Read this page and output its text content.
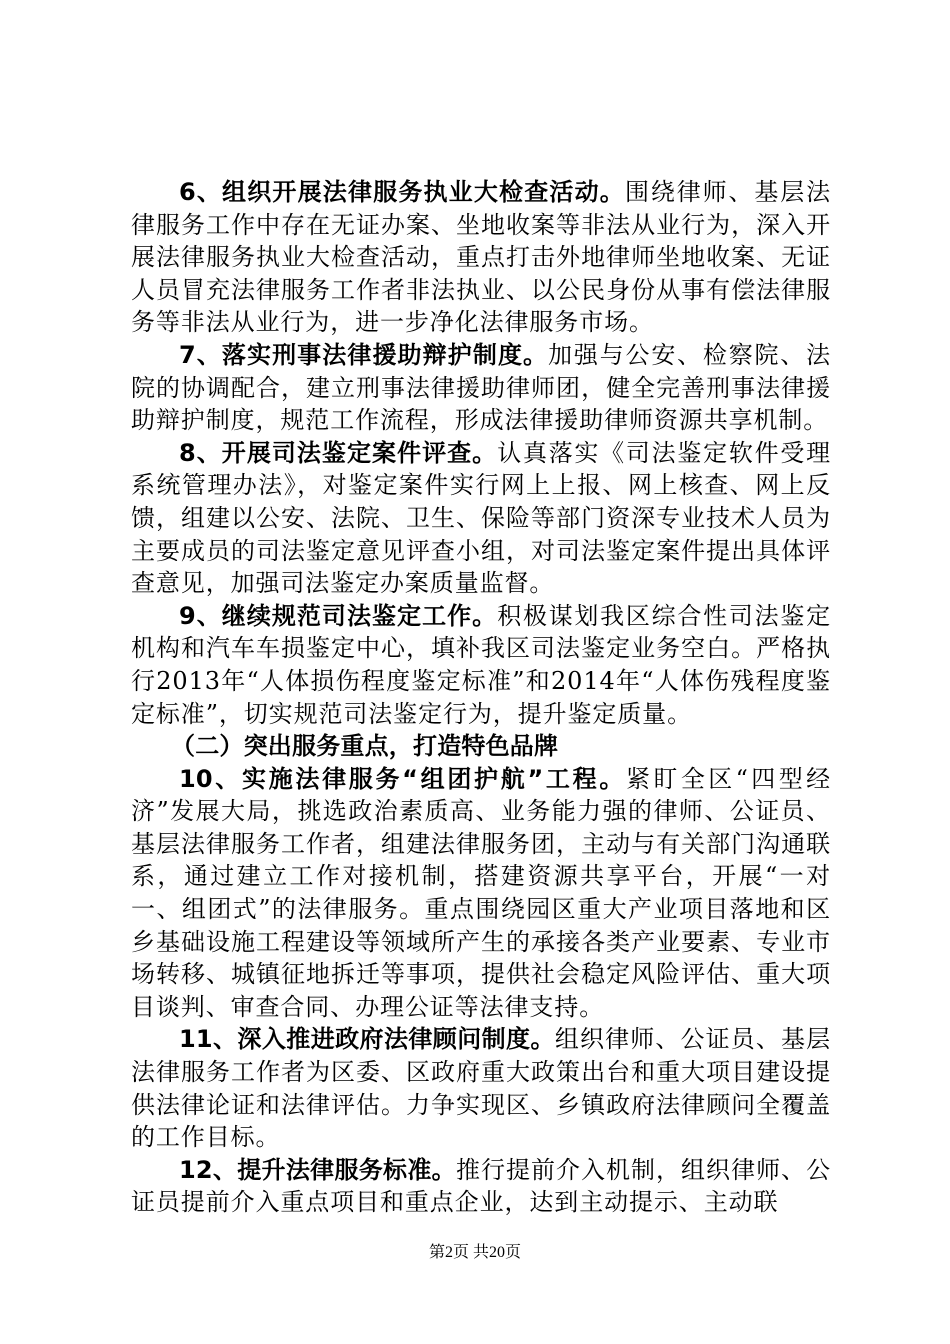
6、组织开展法律服务执业大检查活动。围绕律师、基层法律服务工作中存在无证办案、坐地收案等非法从业行为，深入开展法律服务执业大检查活动，重点打击外地律师坐地收案、无证人员冒充法律服务工作者非法执业、以公民身份从事有偿法律服务等非法从业行为，进一步净化法律服务市场。

7、落实刑事法律援助辩护制度。加强与公安、检察院、法院的协调配合，建立刑事法律援助律师团，健全完善刑事法律援助辩护制度，规范工作流程，形成法律援助律师资源共享机制。

8、开展司法鉴定案件评查。认真落实《司法鉴定软件受理系统管理办法》，对鉴定案件实行网上上报、网上核查、网上反馈，组建以公安、法院、卫生、保险等部门资深专业技术人员为主要成员的司法鉴定意见评查小组，对司法鉴定案件提出具体评查意见，加强司法鉴定办案质量监督。

9、继续规范司法鉴定工作。积极谋划我区综合性司法鉴定机构和汽车车损鉴定中心，填补我区司法鉴定业务空白。严格执行2013年“人体损伤程度鉴定标准”和2014年“人体伤残程度鉴定标准”，切实规范司法鉴定行为，提升鉴定质量。

（二）突出服务重点，打造特色品牌

10、实施法律服务“组团护航”工程。紧盯全区“四型经济”发展大局，挑选政治素质高、业务能力强的律师、公证员、基层法律服务工作者，组建法律服务团，主动与有关部门沟通联系，通过建立工作对接机制，搭建资源共享平台，开展“一对一、组团式”的法律服务。重点围绕园区重大产业项目落地和区乡基础设施工程建设等领域所产生的承接各类产业要素、专业市场转移、城镇征地拆迁等事项，提供社会稳定风险评估、重大项目谈判、审查合同、办理公证等法律支持。

11、深入推进政府法律顾问制度。组织律师、公证员、基层法律服务工作者为区委、区政府重大政策出台和重大项目建设提供法律论证和法律评估。力争实现区、乡镇政府法律顾问全覆盖的工作目标。

12、提升法律服务标准。推行提前介入机制，组织律师、公证员提前介入重点项目和重点企业，达到主动提示、主动联

第2页 共20页
